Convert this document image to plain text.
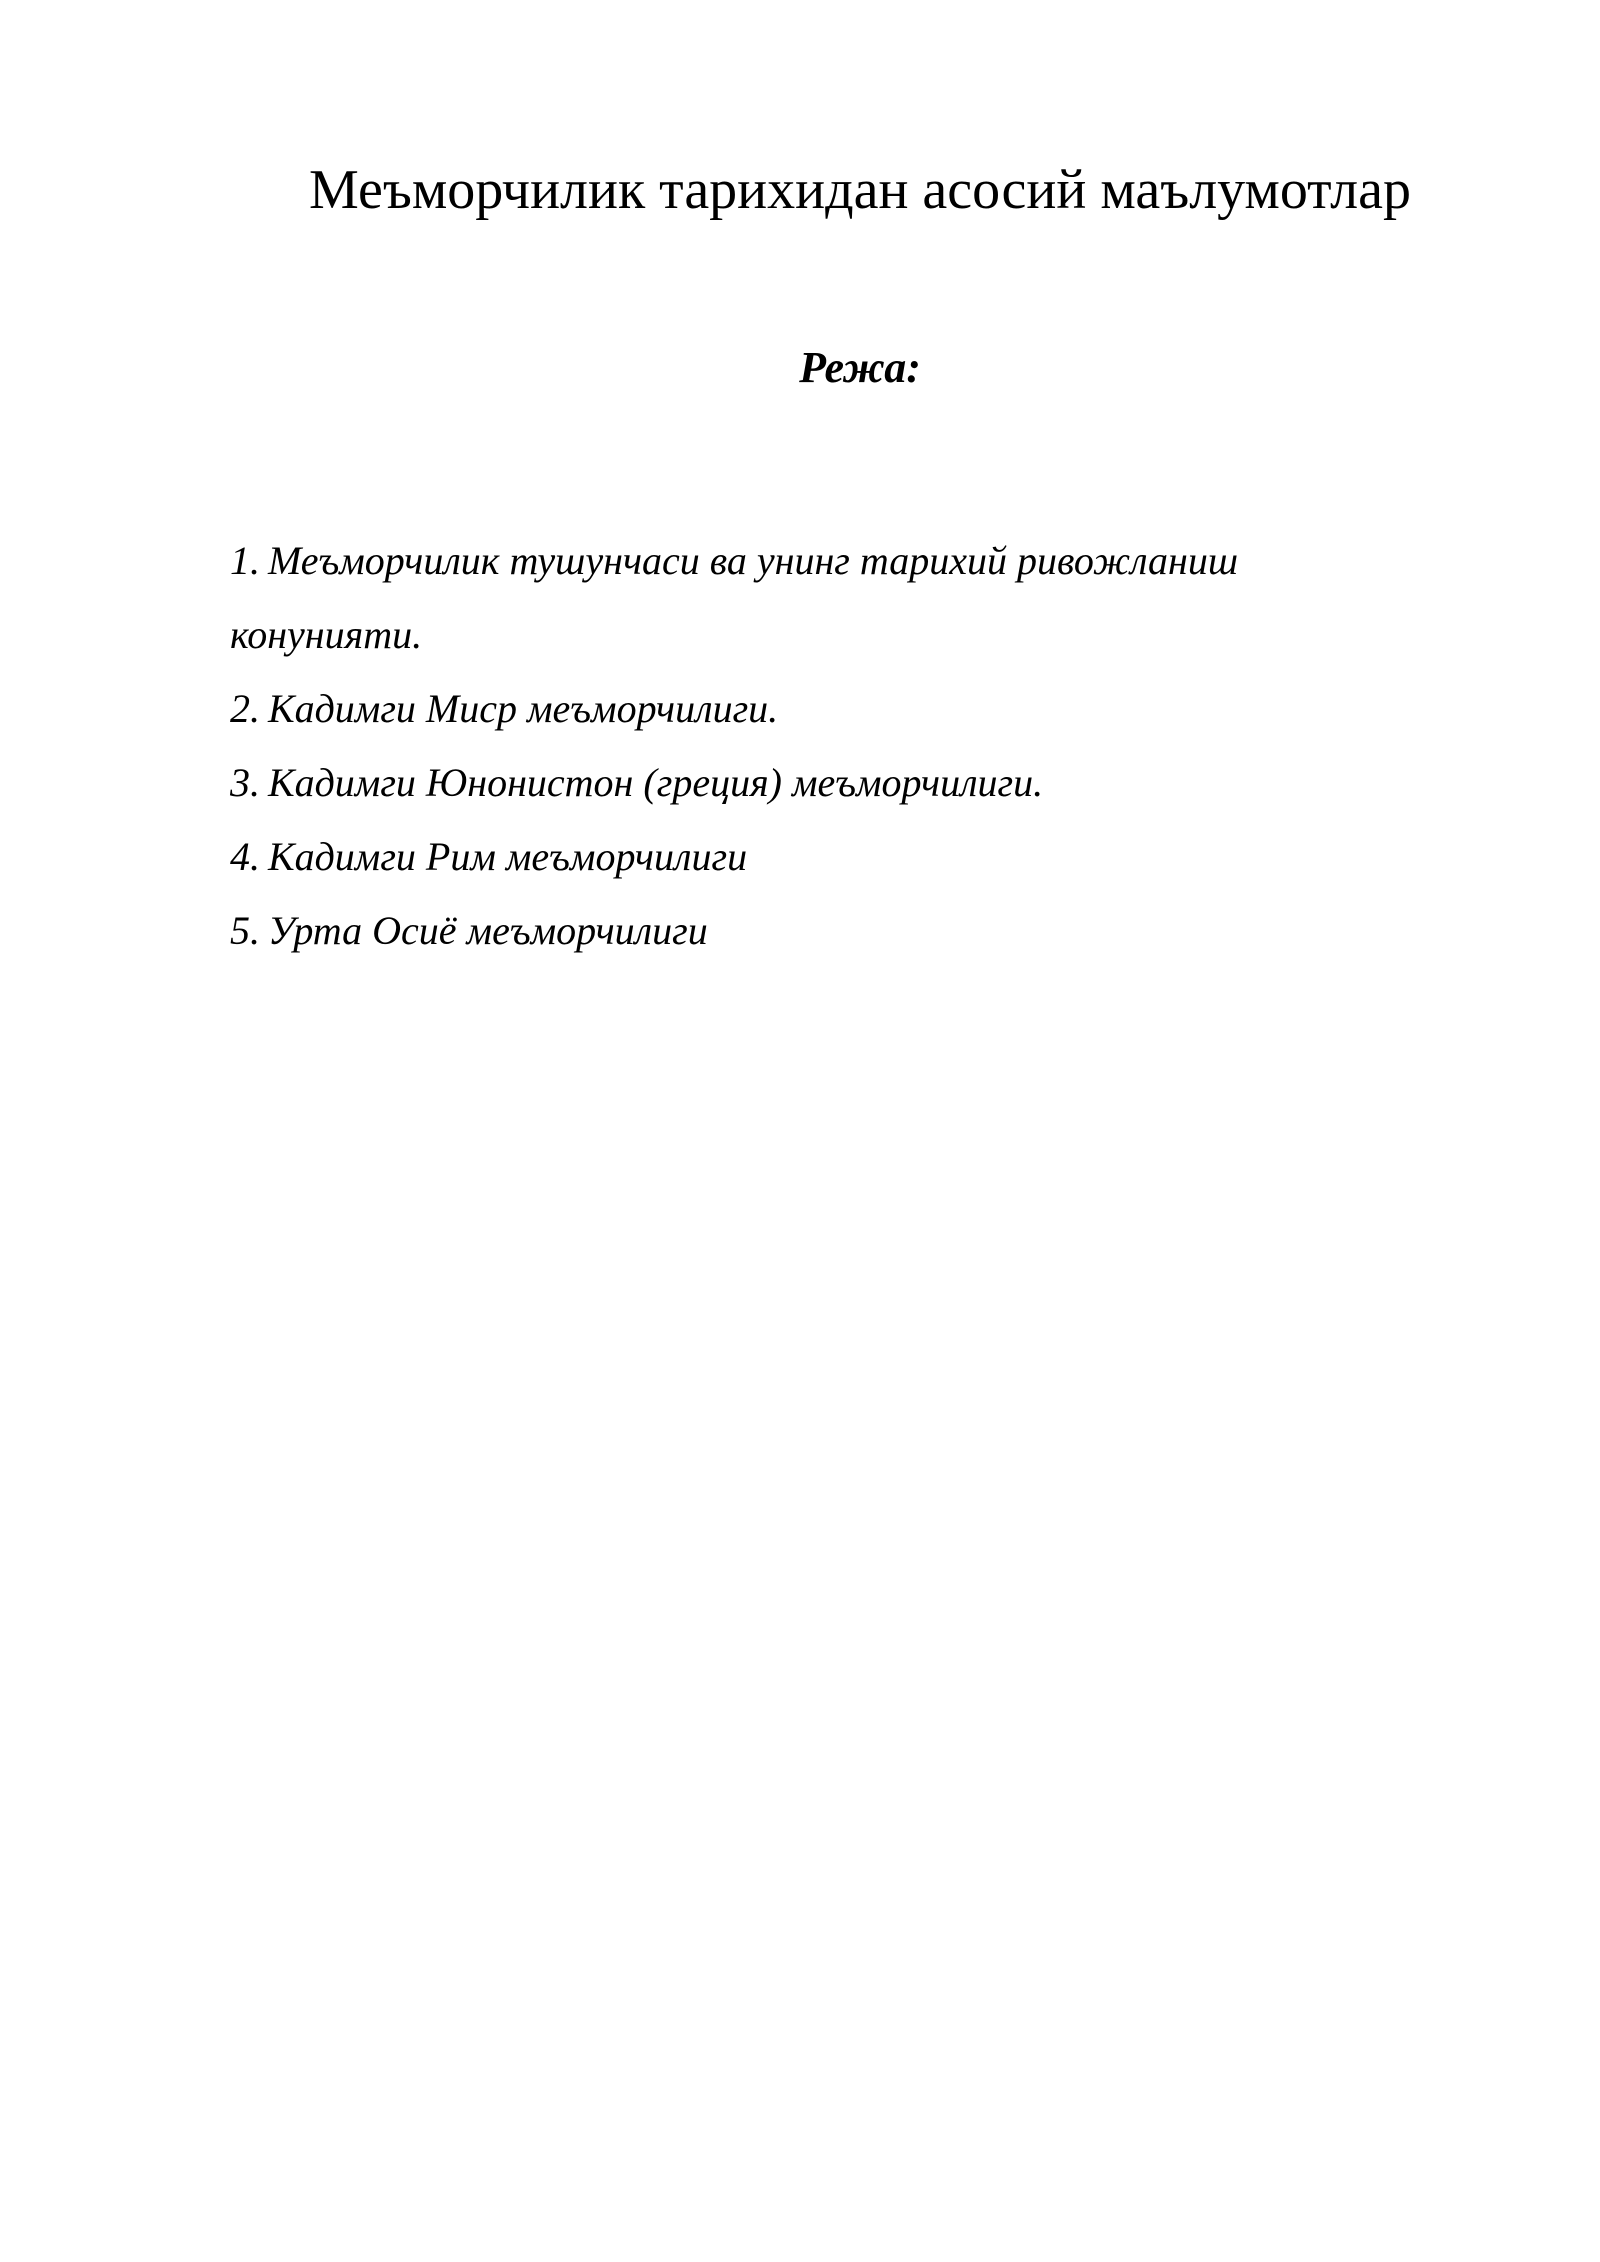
Меъморчилик тарихидан асосий маълумотлар
Режа:
1. Меъморчилик тушунчаси ва унинг тарихий ривожланиш
конунияти.
2. Кадимги Миср меъморчилиги.
3. Кадимги Юнонистон (греция) меъморчилиги.
4. Кадимги Рим меъморчилиги
5. Урта Осиё меъморчилиги
